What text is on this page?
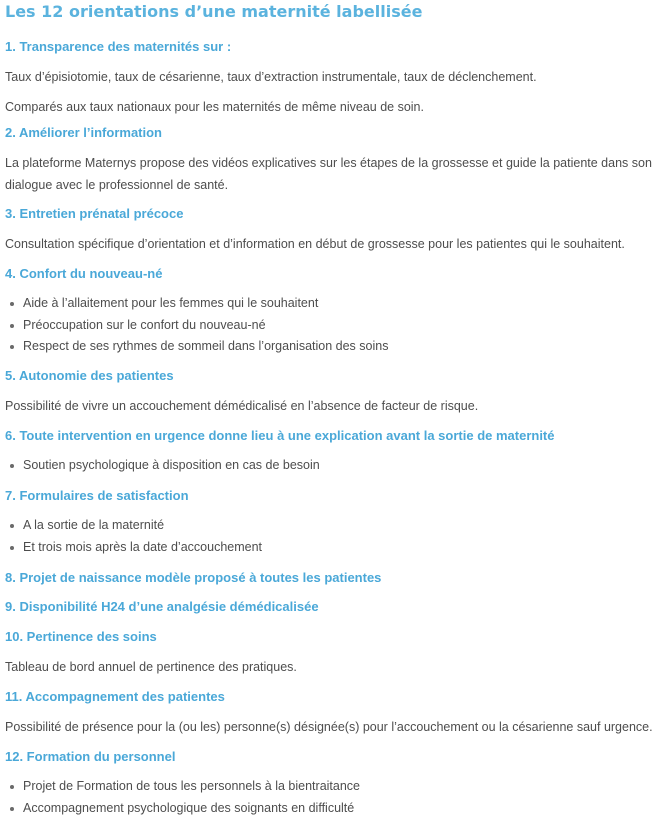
Les 12 orientations d’une maternité labellisée
1. Transparence des maternités sur :

Taux d’épisiotomie, taux de césarienne, taux d’extraction instrumentale, taux de déclenchement.

Comparés aux taux nationaux pour les maternités de même niveau de soin.

2. Améliorer l’information

La plateforme Maternys propose des vidéos explicatives sur les étapes de la grossesse et guide la patiente dans son dialogue avec le professionnel de santé.

3. Entretien prénatal précoce

Consultation spécifique d’orientation et d’information en début de grossesse pour les patientes qui le souhaitent.

4. Confort du nouveau-né
Aide à l’allaitement pour les femmes qui le souhaitent
Préoccupation sur le confort du nouveau-né
Respect de ses rythmes de sommeil dans l’organisation des soins
5. Autonomie des patientes

Possibilité de vivre un accouchement démédicalisé en l’absence de facteur de risque.

6. Toute intervention en urgence donne lieu à une explication avant la sortie de maternité
Soutien psychologique à disposition en cas de besoin
7. Formulaires de satisfaction
A la sortie de la maternité
Et trois mois après la date d’accouchement
8. Projet de naissance modèle proposé à toutes les patientes
9. Disponibilité H24 d’une analgésie démédicalisée
10. Pertinence des soins

Tableau de bord annuel de pertinence des pratiques.

11. Accompagnement des patientes

Possibilité de présence pour la (ou les) personne(s) désignée(s) pour l’accouchement ou la césarienne sauf urgence.

12. Formation du personnel
Projet de Formation de tous les personnels à la bientraitance
Accompagnement psychologique des soignants en difficulté
